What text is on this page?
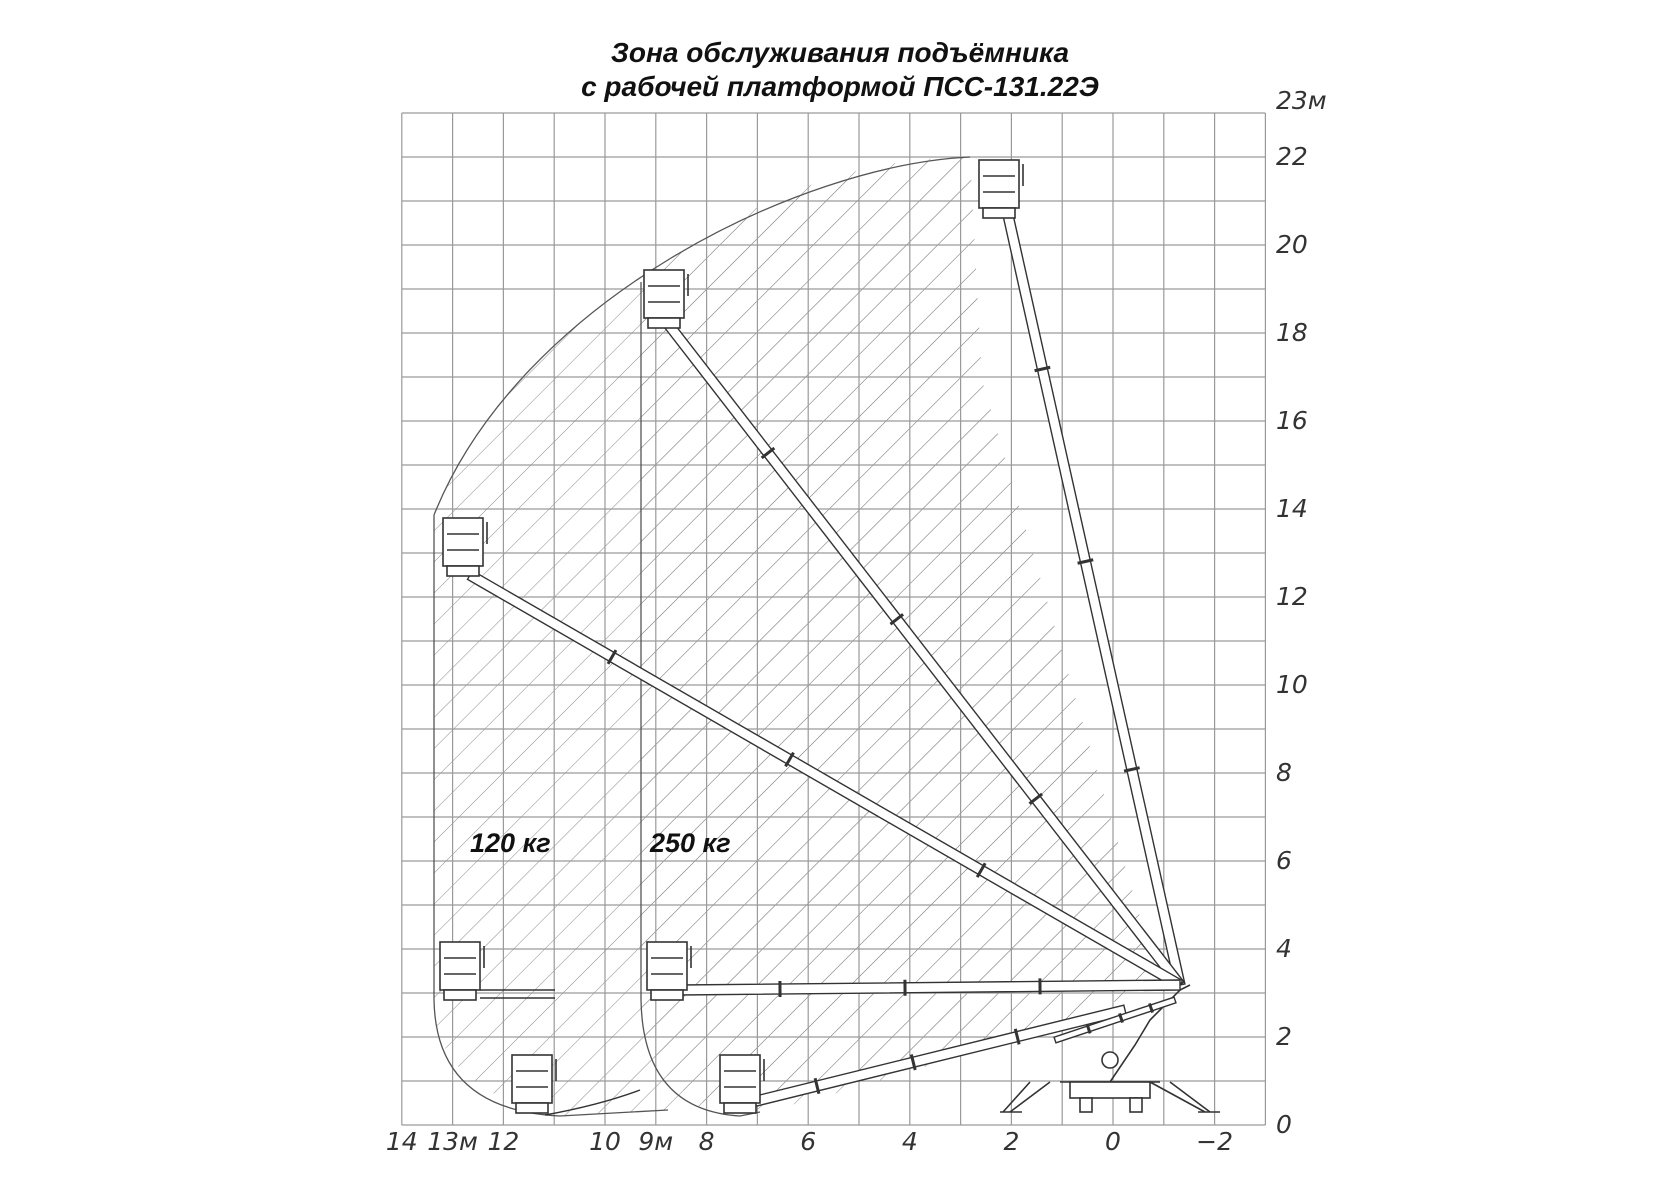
Зона обслуживания подъёмника
с рабочей платформой ПСС-131.22Э
14 13м 12	10 9м 8	6	4	2	0	−2
23м
22
20
18
16
14
12
10
8
6
4
2
0
120 кг	250 кг
